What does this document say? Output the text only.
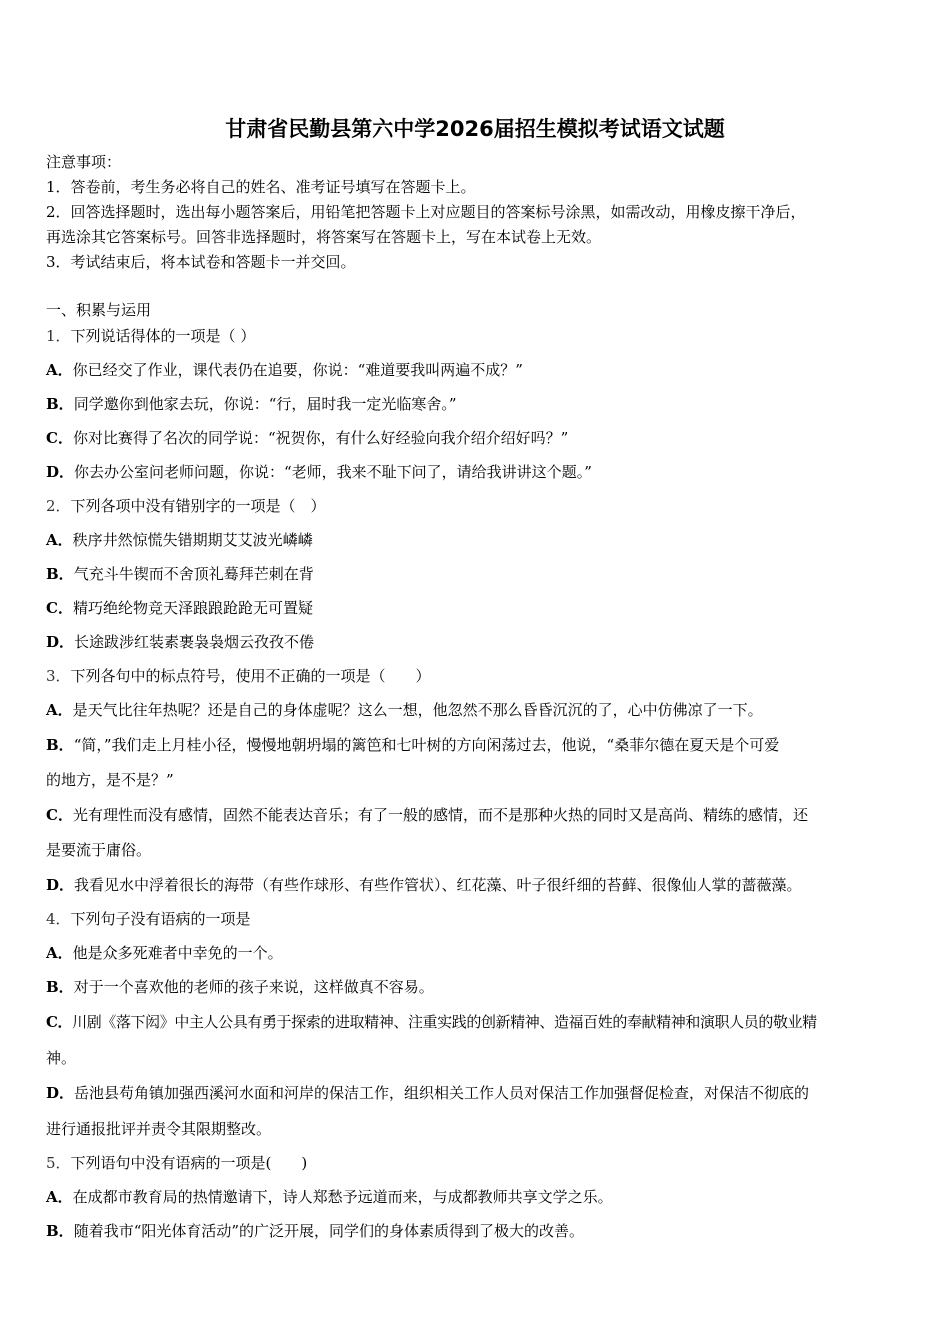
甘肃省民勤县第六中学2026届招生模拟考试语文试题
注意事项：
1．答卷前，考生务必将自己的姓名、准考证号填写在答题卡上。
2．回答选择题时，选出每小题答案后，用铅笔把答题卡上对应题目的答案标号涂黑，如需改动，用橡皮擦干净后，
再选涂其它答案标号。回答非选择题时，将答案写在答题卡上，写在本试卷上无效。
3．考试结束后，将本试卷和答题卡一并交回。
一、积累与运用
1．下列说话得体的一项是（ ）
A．你已经交了作业，课代表仍在追要，你说：“难道要我叫两遍不成？”
B．同学邀你到他家去玩，你说：“行，届时我一定光临寒舍。”
C．你对比赛得了名次的同学说：“祝贺你，有什么好经验向我介绍介绍好吗？”
D．你去办公室问老师问题，你说：“老师，我来不耻下问了，请给我讲讲这个题。”
2．下列各项中没有错别字的一项是（　）
A．秩序井然惊慌失错期期艾艾波光嶙嶙
B．气充斗牛锲而不舍顶礼蓦拜芒刺在背
C．精巧绝纶物竞天泽踉踉跄跄无可置疑
D．长途跋涉红装素裹袅袅烟云孜孜不倦
3．下列各句中的标点符号，使用不正确的一项是（　　）
A．是天气比往年热呢？还是自己的身体虚呢？这么一想，他忽然不那么昏昏沉沉的了，心中仿佛凉了一下。
B．“简，”我们走上月桂小径，慢慢地朝坍塌的篱笆和七叶树的方向闲荡过去，他说，“桑菲尔德在夏天是个可爱
的地方，是不是？”
C．光有理性而没有感情，固然不能表达音乐；有了一般的感情，而不是那种火热的同时又是高尚、精练的感情，还
是要流于庸俗。
D．我看见水中浮着很长的海带（有些作球形、有些作管状）、红花藻、叶子很纤细的苔藓、很像仙人掌的蔷薇藻。
4．下列句子没有语病的一项是
A．他是众多死难者中幸免的一个。
B．对于一个喜欢他的老师的孩子来说，这样做真不容易。
C．川剧《落下闳》中主人公具有勇于探索的进取精神、注重实践的创新精神、造福百姓的奉献精神和演职人员的敬业精
神。
D．岳池县苟角镇加强西溪河水面和河岸的保洁工作，组织相关工作人员对保洁工作加强督促检查，对保洁不彻底的
进行通报批评并责令其限期整改。
5．下列语句中没有语病的一项是(　　)
A．在成都市教育局的热情邀请下，诗人郑愁予远道而来，与成都教师共享文学之乐。
B．随着我市“阳光体育活动”的广泛开展，同学们的身体素质得到了极大的改善。
